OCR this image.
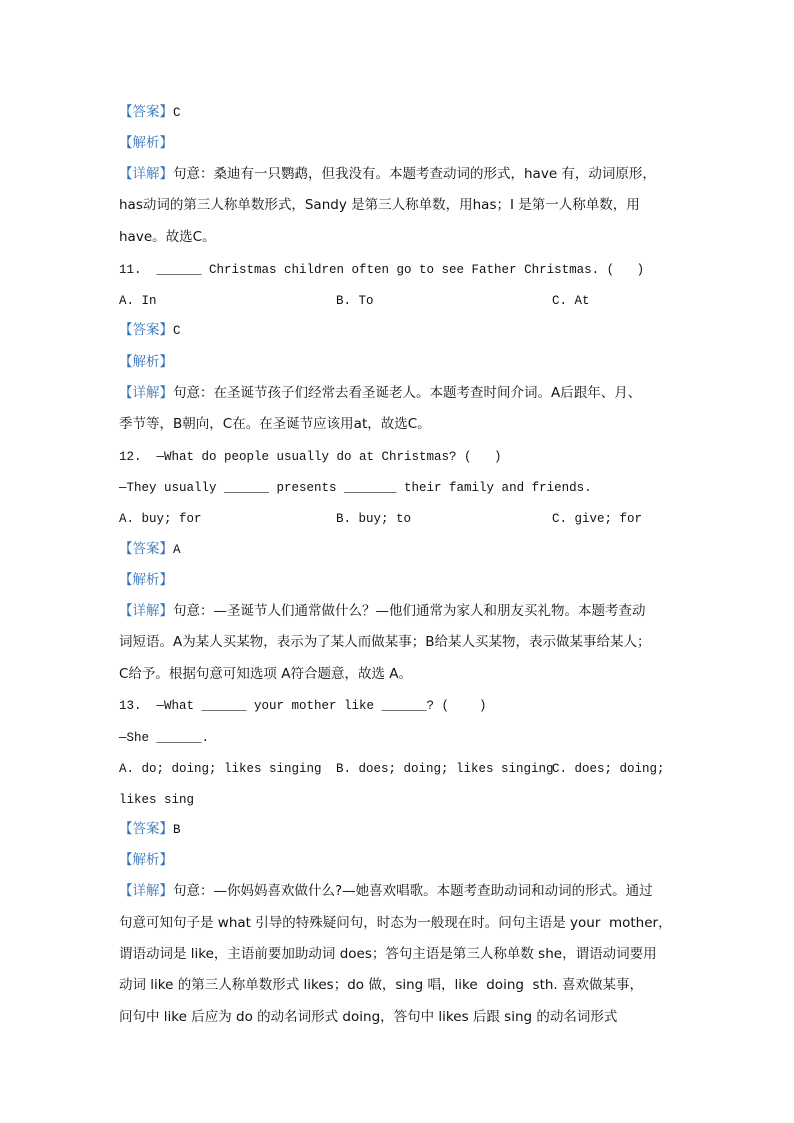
【答案】C
【解析】
【详解】句意：桑迪有一只鹦鹉，但我没有。本题考查动词的形式，have 有，动词原形，
has动词的第三人称单数形式，Sandy 是第三人称单数，用has；I 是第一人称单数，用
have。故选C。
11.  ______ Christmas children often go to see Father Christmas. (   )
A. In	B. To	C. At
【答案】C
【解析】
【详解】句意：在圣诞节孩子们经常去看圣诞老人。本题考查时间介词。A后跟年、月、
季节等，B朝向，C在。在圣诞节应该用at，故选C。
12.  —What do people usually do at Christmas? (   )
—They usually ______ presents _______ their family and friends.
A. buy; for	B. buy; to	C. give; for
【答案】A
【解析】
【详解】句意：—圣诞节人们通常做什么？—他们通常为家人和朋友买礼物。本题考查动
词短语。A为某人买某物，表示为了某人而做某事；B给某人买某物，表示做某事给某人；
C给予。根据句意可知选项 A符合题意，故选 A。
13.  —What ______ your mother like ______? (    )
—She ______.
A. do; doing; likes singing B. does; doing; likes singing
C. does; doing;
likes sing
【答案】B
【解析】
【详解】句意：—你妈妈喜欢做什么?—她喜欢唱歌。本题考查助动词和动词的形式。通过
句意可知句子是 what 引导的特殊疑问句，时态为一般现在时。问句主语是 your  mother，
谓语动词是 like，主语前要加助动词 does；答句主语是第三人称单数 she，谓语动词要用
动词 like 的第三人称单数形式 likes；do 做，sing 唱，like  doing  sth. 喜欢做某事，
问句中 like 后应为 do 的动名词形式 doing，答句中 likes 后跟 sing 的动名词形式
